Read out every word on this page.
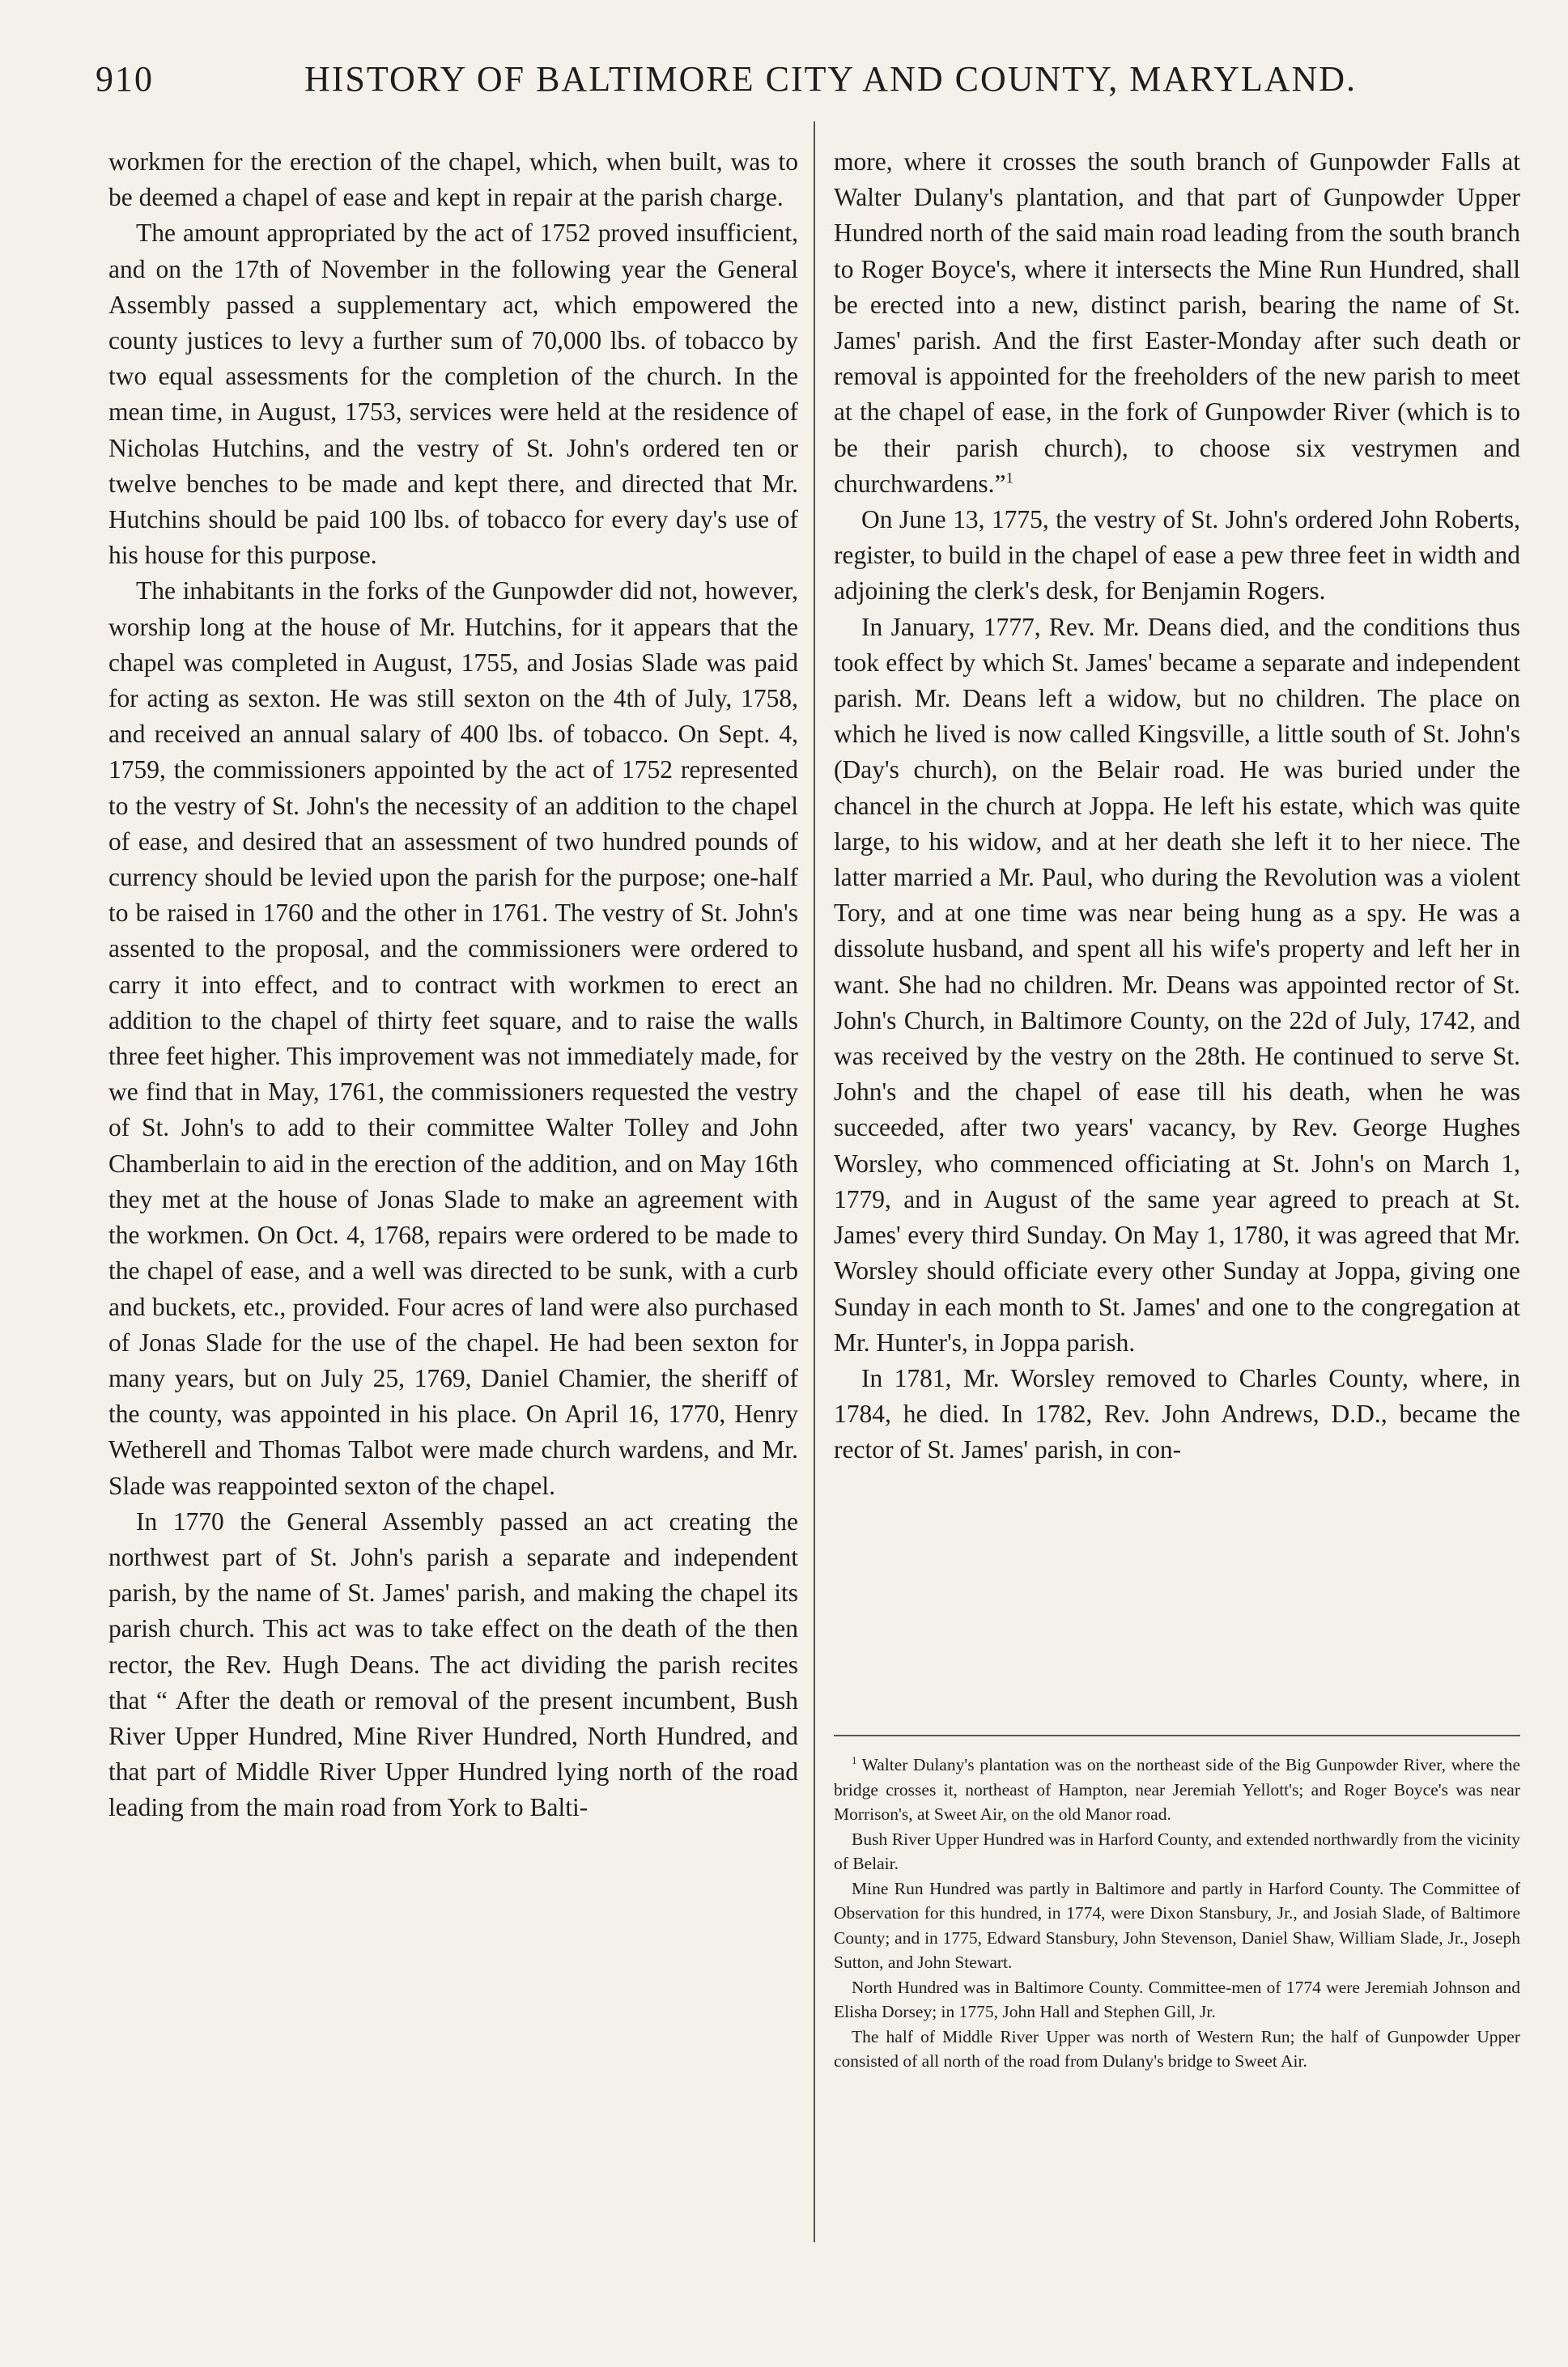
910	HISTORY OF BALTIMORE CITY AND COUNTY, MARYLAND.

workmen for the erection of the chapel, which, when built, was to be deemed a chapel of ease and kept in repair at the parish charge.

The amount appropriated by the act of 1752 proved insufficient, and on the 17th of November in the following year the General Assembly passed a supplementary act, which empowered the county justices to levy a further sum of 70,000 lbs. of tobacco by two equal assessments for the completion of the church. In the mean time, in August, 1753, services were held at the residence of Nicholas Hutchins, and the vestry of St. John's ordered ten or twelve benches to be made and kept there, and directed that Mr. Hutchins should be paid 100 lbs. of tobacco for every day's use of his house for this purpose.

The inhabitants in the forks of the Gunpowder did not, however, worship long at the house of Mr. Hutchins, for it appears that the chapel was completed in August, 1755, and Josias Slade was paid for acting as sexton. He was still sexton on the 4th of July, 1758, and received an annual salary of 400 lbs. of tobacco. On Sept. 4, 1759, the commissioners appointed by the act of 1752 represented to the vestry of St. John's the necessity of an addition to the chapel of ease, and desired that an assessment of two hundred pounds of currency should be levied upon the parish for the purpose; one-half to be raised in 1760 and the other in 1761. The vestry of St. John's assented to the proposal, and the commissioners were ordered to carry it into effect, and to contract with workmen to erect an addition to the chapel of thirty feet square, and to raise the walls three feet higher. This improvement was not immediately made, for we find that in May, 1761, the commissioners requested the vestry of St. John's to add to their committee Walter Tolley and John Chamberlain to aid in the erection of the addition, and on May 16th they met at the house of Jonas Slade to make an agreement with the workmen. On Oct. 4, 1768, repairs were ordered to be made to the chapel of ease, and a well was directed to be sunk, with a curb and buckets, etc., provided. Four acres of land were also purchased of Jonas Slade for the use of the chapel. He had been sexton for many years, but on July 25, 1769, Daniel Chamier, the sheriff of the county, was appointed in his place. On April 16, 1770, Henry Wetherell and Thomas Talbot were made church wardens, and Mr. Slade was reappointed sexton of the chapel.

In 1770 the General Assembly passed an act creating the northwest part of St. John's parish a separate and independent parish, by the name of St. James' parish, and making the chapel its parish church. This act was to take effect on the death of the then rector, the Rev. Hugh Deans. The act dividing the parish recites that “ After the death or removal of the present incumbent, Bush River Upper Hundred, Mine River Hundred, North Hundred, and that part of Middle River Upper Hundred lying north of the road leading from the main road from York to Balti-

more, where it crosses the south branch of Gunpowder Falls at Walter Dulany's plantation, and that part of Gunpowder Upper Hundred north of the said main road leading from the south branch to Roger Boyce's, where it intersects the Mine Run Hundred, shall be erected into a new, distinct parish, bearing the name of St. James' parish. And the first Easter-Monday after such death or removal is appointed for the freeholders of the new parish to meet at the chapel of ease, in the fork of Gunpowder River (which is to be their parish church), to choose six vestrymen and churchwardens.”$^1$

On June 13, 1775, the vestry of St. John's ordered John Roberts, register, to build in the chapel of ease a pew three feet in width and adjoining the clerk's desk, for Benjamin Rogers.

In January, 1777, Rev. Mr. Deans died, and the conditions thus took effect by which St. James' became a separate and independent parish. Mr. Deans left a widow, but no children. The place on which he lived is now called Kingsville, a little south of St. John's (Day's church), on the Belair road. He was buried under the chancel in the church at Joppa. He left his estate, which was quite large, to his widow, and at her death she left it to her niece. The latter married a Mr. Paul, who during the Revolution was a violent Tory, and at one time was near being hung as a spy. He was a dissolute husband, and spent all his wife's property and left her in want. She had no children. Mr. Deans was appointed rector of St. John's Church, in Baltimore County, on the 22d of July, 1742, and was received by the vestry on the 28th. He continued to serve St. John's and the chapel of ease till his death, when he was succeeded, after two years' vacancy, by Rev. George Hughes Worsley, who commenced officiating at St. John's on March 1, 1779, and in August of the same year agreed to preach at St. James' every third Sunday. On May 1, 1780, it was agreed that Mr. Worsley should officiate every other Sunday at Joppa, giving one Sunday in each month to St. James' and one to the congregation at Mr. Hunter's, in Joppa parish.

In 1781, Mr. Worsley removed to Charles County, where, in 1784, he died. In 1782, Rev. John Andrews, D.D., became the rector of St. James' parish, in con-

$^1$ Walter Dulany's plantation was on the northeast side of the Big Gunpowder River, where the bridge crosses it, northeast of Hampton, near Jeremiah Yellott's; and Roger Boyce's was near Morrison's, at Sweet Air, on the old Manor road.

Bush River Upper Hundred was in Harford County, and extended northwardly from the vicinity of Belair.

Mine Run Hundred was partly in Baltimore and partly in Harford County. The Committee of Observation for this hundred, in 1774, were Dixon Stansbury, Jr., and Josiah Slade, of Baltimore County; and in 1775, Edward Stansbury, John Stevenson, Daniel Shaw, William Slade, Jr., Joseph Sutton, and John Stewart.

North Hundred was in Baltimore County. Committee-men of 1774 were Jeremiah Johnson and Elisha Dorsey; in 1775, John Hall and Stephen Gill, Jr.

The half of Middle River Upper was north of Western Run; the half of Gunpowder Upper consisted of all north of the road from Dulany's bridge to Sweet Air.
